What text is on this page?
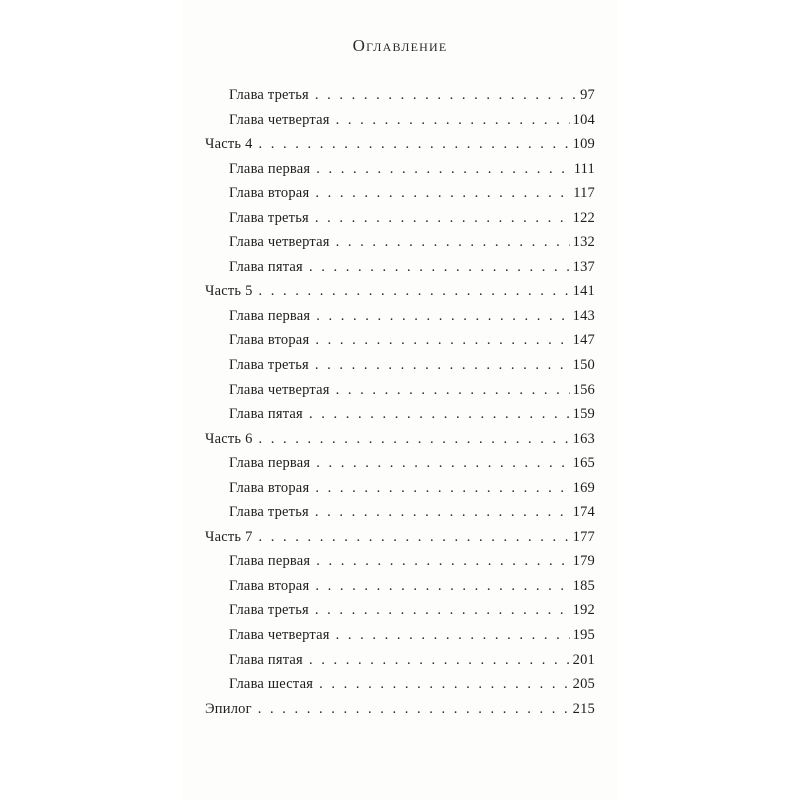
Оглавление
Глава третья . . .	97
Глава четвертая . . .	104
Часть 4 . . .	109
Глава первая . . .	111
Глава вторая . . .	117
Глава третья . . .	122
Глава четвертая . . .	132
Глава пятая . . .	137
Часть 5 . . .	141
Глава первая . . .	143
Глава вторая . . .	147
Глава третья . . .	150
Глава четвертая . . .	156
Глава пятая . . .	159
Часть 6 . . .	163
Глава первая . . .	165
Глава вторая . . .	169
Глава третья . . .	174
Часть 7 . . .	177
Глава первая . . .	179
Глава вторая . . .	185
Глава третья . . .	192
Глава четвертая . . .	195
Глава пятая . . .	201
Глава шестая . . .	205
Эпилог . . .	215
